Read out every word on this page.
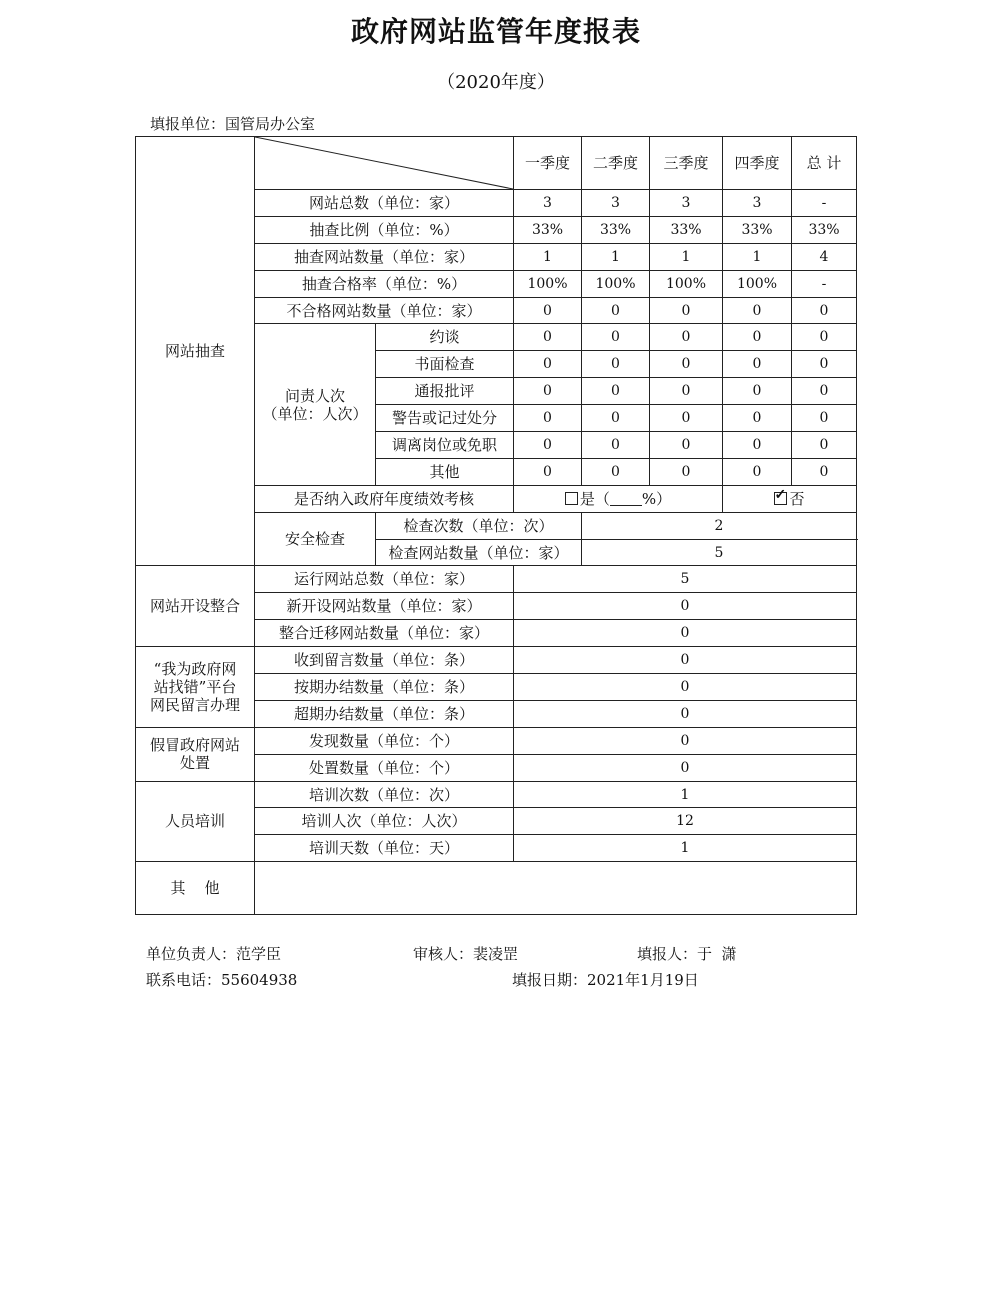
政府网站监管年度报表
（2020年度）
填报单位：国管局办公室
网站抽查			一季度	二季度	三季度	四季度	总 计
	网站总数（单位：家）		3	3	3	3	-
	抽查比例（单位：%）		33%	33%	33%	33%	33%
	抽查网站数量（单位：家）		1	1	1	1	4
	抽查合格率（单位：%）		100%	100%	100%	100%	-
	不合格网站数量（单位：家）		0	0	0	0	0

	问责人次
（单位：人次）	约谈	0	0	0	0	0
		书面检查	0	0	0	0	0
		通报批评	0	0	0	0	0
		警告或记过处分	0	0	0	0	0
		调离岗位或免职	0	0	0	0	0
		其他	0	0	0	0	0
	是否纳入政府年度绩效考核		是（ %）			✓ 否	
	安全检查	检查次数（单位：次）		2			
		检查网站数量（单位：家）		5			
网站开设整合	运行网站总数（单位：家）		5				
	新开设网站数量（单位：家）		0				
	整合迁移网站数量（单位：家）		0				

“我为政府网
站找错”平台
网民留言办理	收到留言数量（单位：条）		0				
	按期办结数量（单位：条）		0				
	超期办结数量（单位：条）		0				

假冒政府网站
处置	发现数量（单位：个）		0				
	处置数量（单位：个）		0				
人员培训	培训次数（单位：次）		1				
	培训人次（单位：人次）		12				
	培训天数（单位：天）		1				
其    他							
单位负责人：范学臣	审核人：裴凌罡	填报人：于  潇
联系电话：55604938	填报日期：2021年1月19日
